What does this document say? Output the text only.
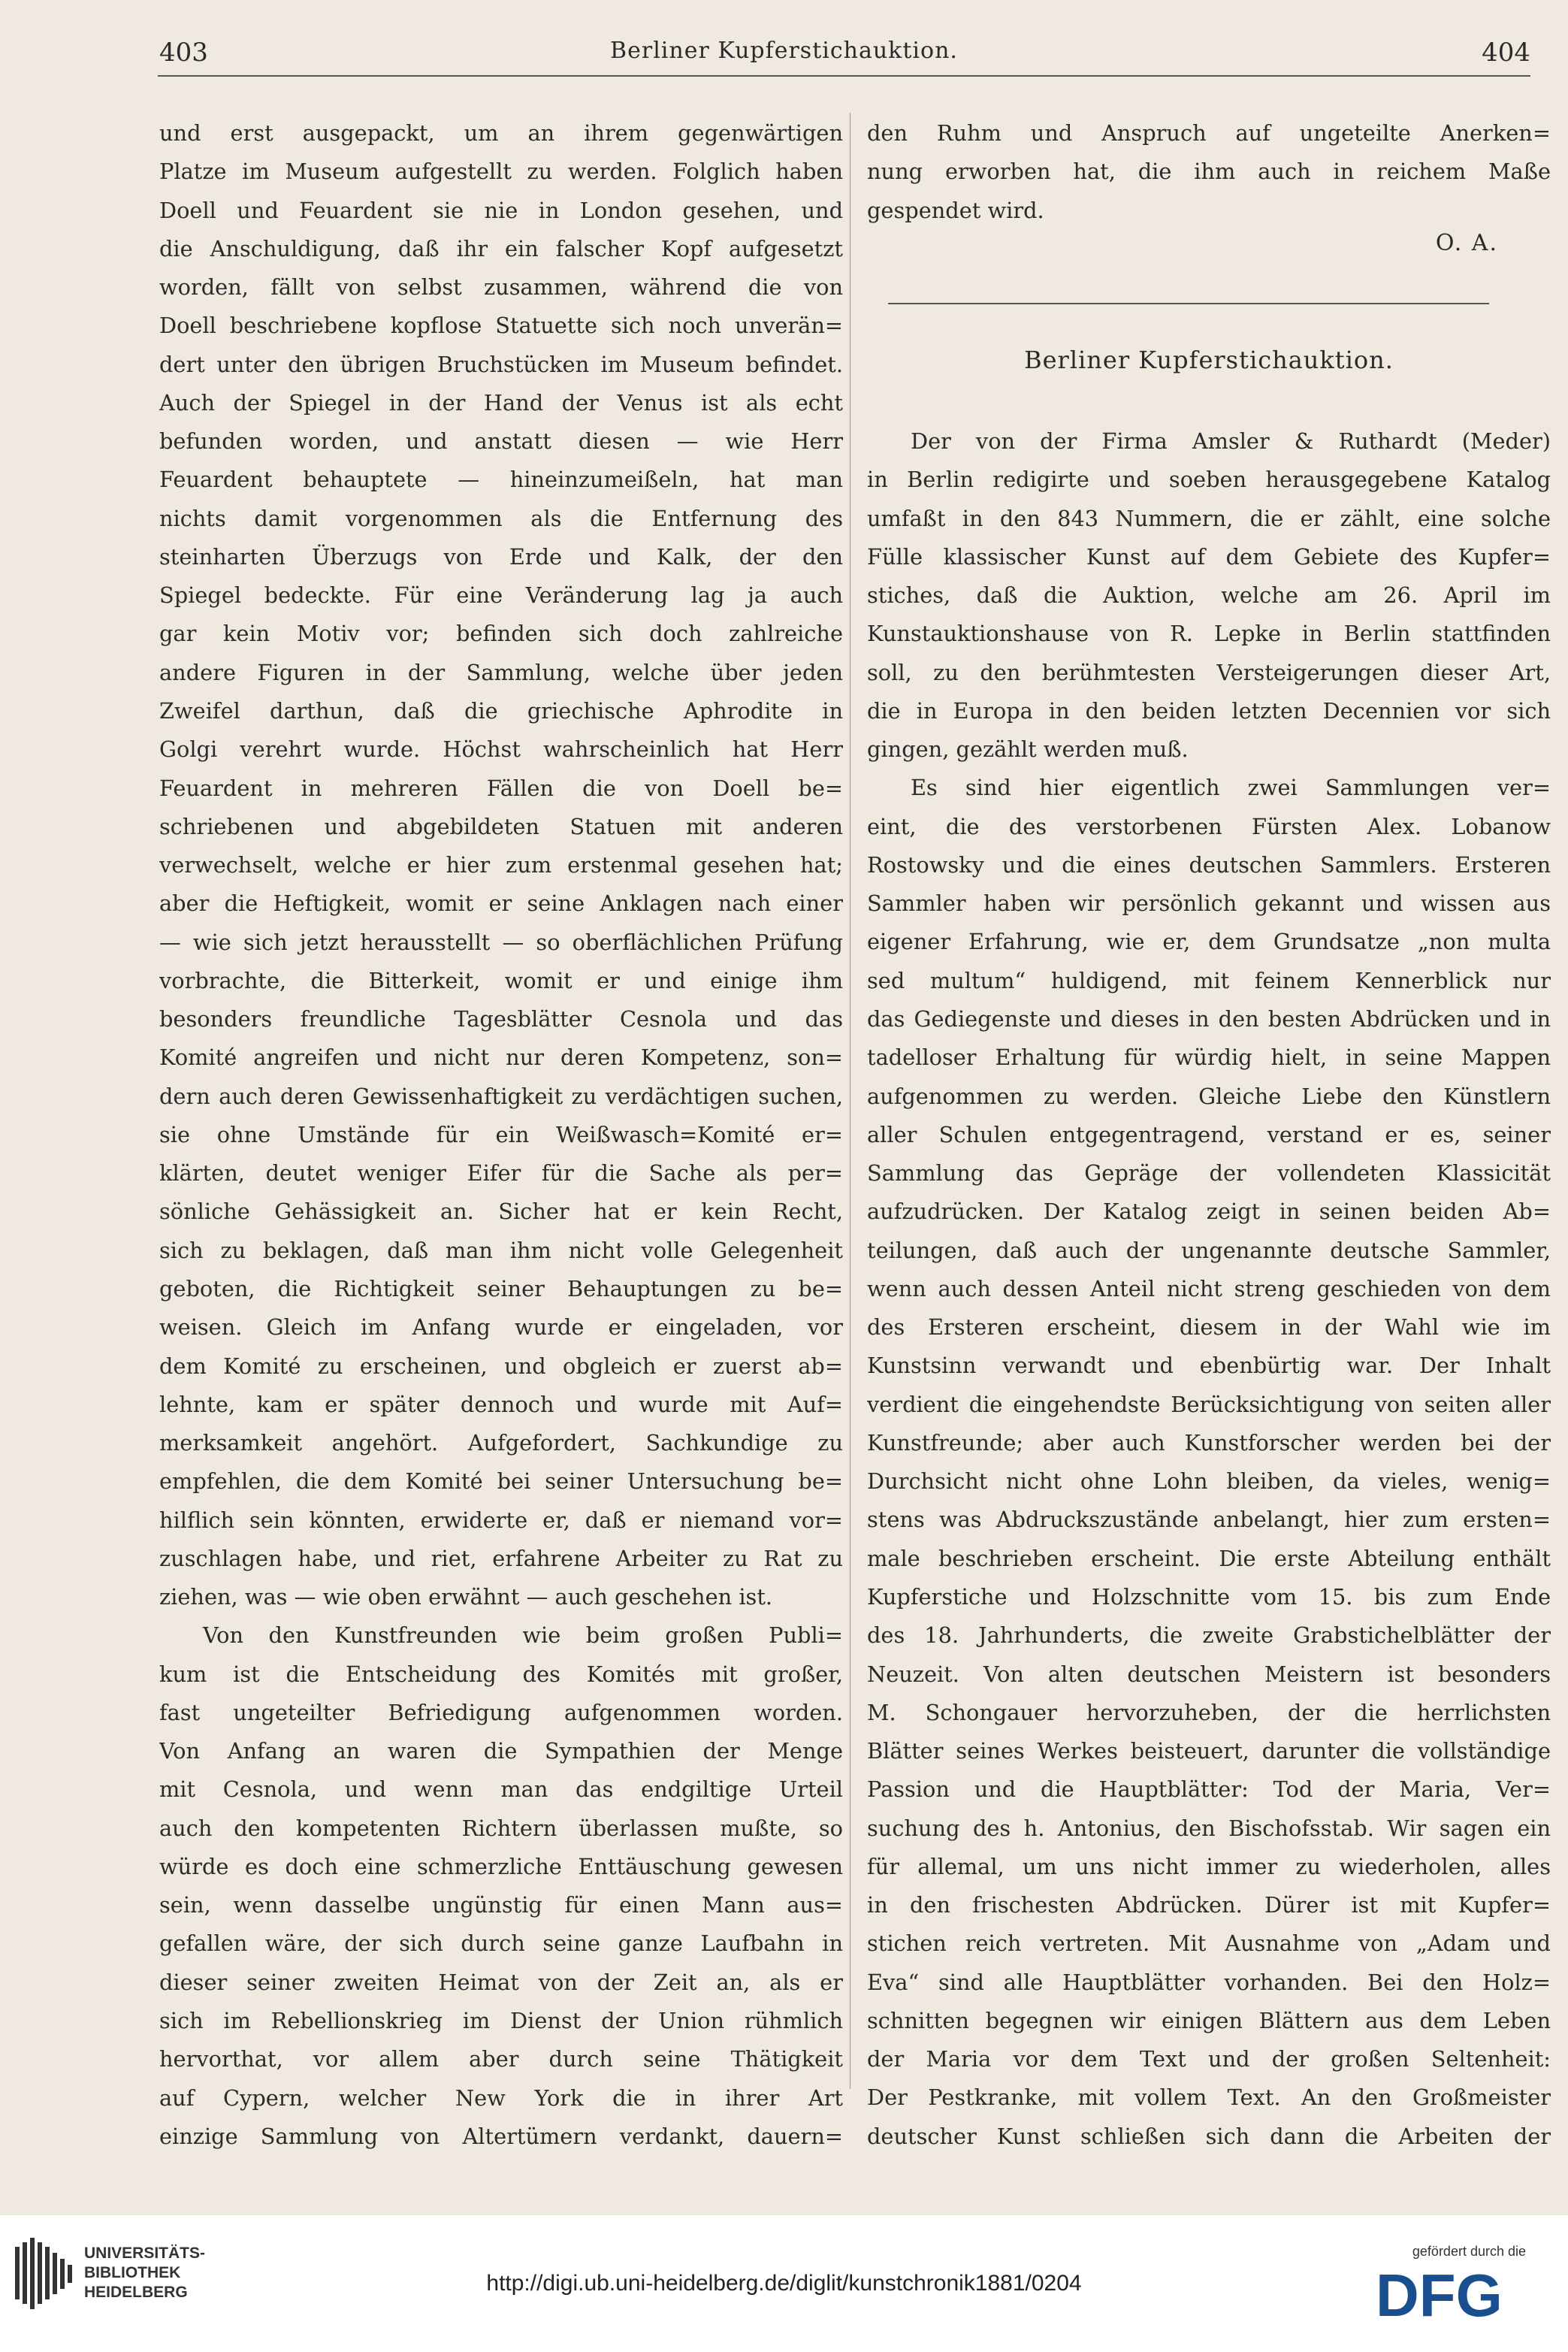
403	Berliner Kupferstichauktion.	404
und erst ausgepackt, um an ihrem gegenwärtigen
Platze im Museum aufgestellt zu werden. Folglich haben
Doell und Feuardent sie nie in London gesehen, und
die Anschuldigung, daß ihr ein falscher Kopf aufgesetzt
worden, fällt von selbst zusammen, während die von
Doell beschriebene kopflose Statuette sich noch unverän=
dert unter den übrigen Bruchstücken im Museum befindet.
Auch der Spiegel in der Hand der Venus ist als echt
befunden worden, und anstatt diesen — wie Herr
Feuardent behauptete — hineinzumeißeln, hat man
nichts damit vorgenommen als die Entfernung des
steinharten Überzugs von Erde und Kalk, der den
Spiegel bedeckte. Für eine Veränderung lag ja auch
gar kein Motiv vor; befinden sich doch zahlreiche
andere Figuren in der Sammlung, welche über jeden
Zweifel darthun, daß die griechische Aphrodite in
Golgi verehrt wurde. Höchst wahrscheinlich hat Herr
Feuardent in mehreren Fällen die von Doell be=
schriebenen und abgebildeten Statuen mit anderen
verwechselt, welche er hier zum erstenmal gesehen hat;
aber die Heftigkeit, womit er seine Anklagen nach einer
— wie sich jetzt herausstellt — so oberflächlichen Prüfung
vorbrachte, die Bitterkeit, womit er und einige ihm
besonders freundliche Tagesblätter Cesnola und das
Komité angreifen und nicht nur deren Kompetenz, son=
dern auch deren Gewissenhaftigkeit zu verdächtigen suchen,
sie ohne Umstände für ein Weißwasch=Komité er=
klärten, deutet weniger Eifer für die Sache als per=
sönliche Gehässigkeit an. Sicher hat er kein Recht,
sich zu beklagen, daß man ihm nicht volle Gelegenheit
geboten, die Richtigkeit seiner Behauptungen zu be=
weisen. Gleich im Anfang wurde er eingeladen, vor
dem Komité zu erscheinen, und obgleich er zuerst ab=
lehnte, kam er später dennoch und wurde mit Auf=
merksamkeit angehört. Aufgefordert, Sachkundige zu
empfehlen, die dem Komité bei seiner Untersuchung be=
hilflich sein könnten, erwiderte er, daß er niemand vor=
zuschlagen habe, und riet, erfahrene Arbeiter zu Rat zu
ziehen, was — wie oben erwähnt — auch geschehen ist.
Von den Kunstfreunden wie beim großen Publi=
kum ist die Entscheidung des Komités mit großer,
fast ungeteilter Befriedigung aufgenommen worden.
Von Anfang an waren die Sympathien der Menge
mit Cesnola, und wenn man das endgiltige Urteil
auch den kompetenten Richtern überlassen mußte, so
würde es doch eine schmerzliche Enttäuschung gewesen
sein, wenn dasselbe ungünstig für einen Mann aus=
gefallen wäre, der sich durch seine ganze Laufbahn in
dieser seiner zweiten Heimat von der Zeit an, als er
sich im Rebellionskrieg im Dienst der Union rühmlich
hervorthat, vor allem aber durch seine Thätigkeit
auf Cypern, welcher New York die in ihrer Art
einzige Sammlung von Altertümern verdankt, dauern=
den Ruhm und Anspruch auf ungeteilte Anerken=
nung erworben hat, die ihm auch in reichem Maße
gespendet wird.
O. A.
Berliner Kupferstichauktion.
Der von der Firma Amsler & Ruthardt (Meder)
in Berlin redigirte und soeben herausgegebene Katalog
umfaßt in den 843 Nummern, die er zählt, eine solche
Fülle klassischer Kunst auf dem Gebiete des Kupfer=
stiches, daß die Auktion, welche am 26. April im
Kunstauktionshause von R. Lepke in Berlin stattfinden
soll, zu den berühmtesten Versteigerungen dieser Art,
die in Europa in den beiden letzten Decennien vor sich
gingen, gezählt werden muß.
Es sind hier eigentlich zwei Sammlungen ver=
eint, die des verstorbenen Fürsten Alex. Lobanow
Rostowsky und die eines deutschen Sammlers. Ersteren
Sammler haben wir persönlich gekannt und wissen aus
eigener Erfahrung, wie er, dem Grundsatze „non multa
sed multum“ huldigend, mit feinem Kennerblick nur
das Gediegenste und dieses in den besten Abdrücken und in
tadelloser Erhaltung für würdig hielt, in seine Mappen
aufgenommen zu werden. Gleiche Liebe den Künstlern
aller Schulen entgegentragend, verstand er es, seiner
Sammlung das Gepräge der vollendeten Klassicität
aufzudrücken. Der Katalog zeigt in seinen beiden Ab=
teilungen, daß auch der ungenannte deutsche Sammler,
wenn auch dessen Anteil nicht streng geschieden von dem
des Ersteren erscheint, diesem in der Wahl wie im
Kunstsinn verwandt und ebenbürtig war. Der Inhalt
verdient die eingehendste Berücksichtigung von seiten aller
Kunstfreunde; aber auch Kunstforscher werden bei der
Durchsicht nicht ohne Lohn bleiben, da vieles, wenig=
stens was Abdruckszustände anbelangt, hier zum ersten=
male beschrieben erscheint. Die erste Abteilung enthält
Kupferstiche und Holzschnitte vom 15. bis zum Ende
des 18. Jahrhunderts, die zweite Grabstichelblätter der
Neuzeit. Von alten deutschen Meistern ist besonders
M. Schongauer hervorzuheben, der die herrlichsten
Blätter seines Werkes beisteuert, darunter die vollständige
Passion und die Hauptblätter: Tod der Maria, Ver=
suchung des h. Antonius, den Bischofsstab. Wir sagen ein
für allemal, um uns nicht immer zu wiederholen, alles
in den frischesten Abdrücken. Dürer ist mit Kupfer=
stichen reich vertreten. Mit Ausnahme von „Adam und
Eva“ sind alle Hauptblätter vorhanden. Bei den Holz=
schnitten begegnen wir einigen Blättern aus dem Leben
der Maria vor dem Text und der großen Seltenheit:
Der Pestkranke, mit vollem Text. An den Großmeister
deutscher Kunst schließen sich dann die Arbeiten der
UNIVERSITÄTS-
BIBLIOTHEK
HEIDELBERG	http://digi.ub.uni-heidelberg.de/diglit/kunstchronik1881/0204
gefördert durch die
DFG
